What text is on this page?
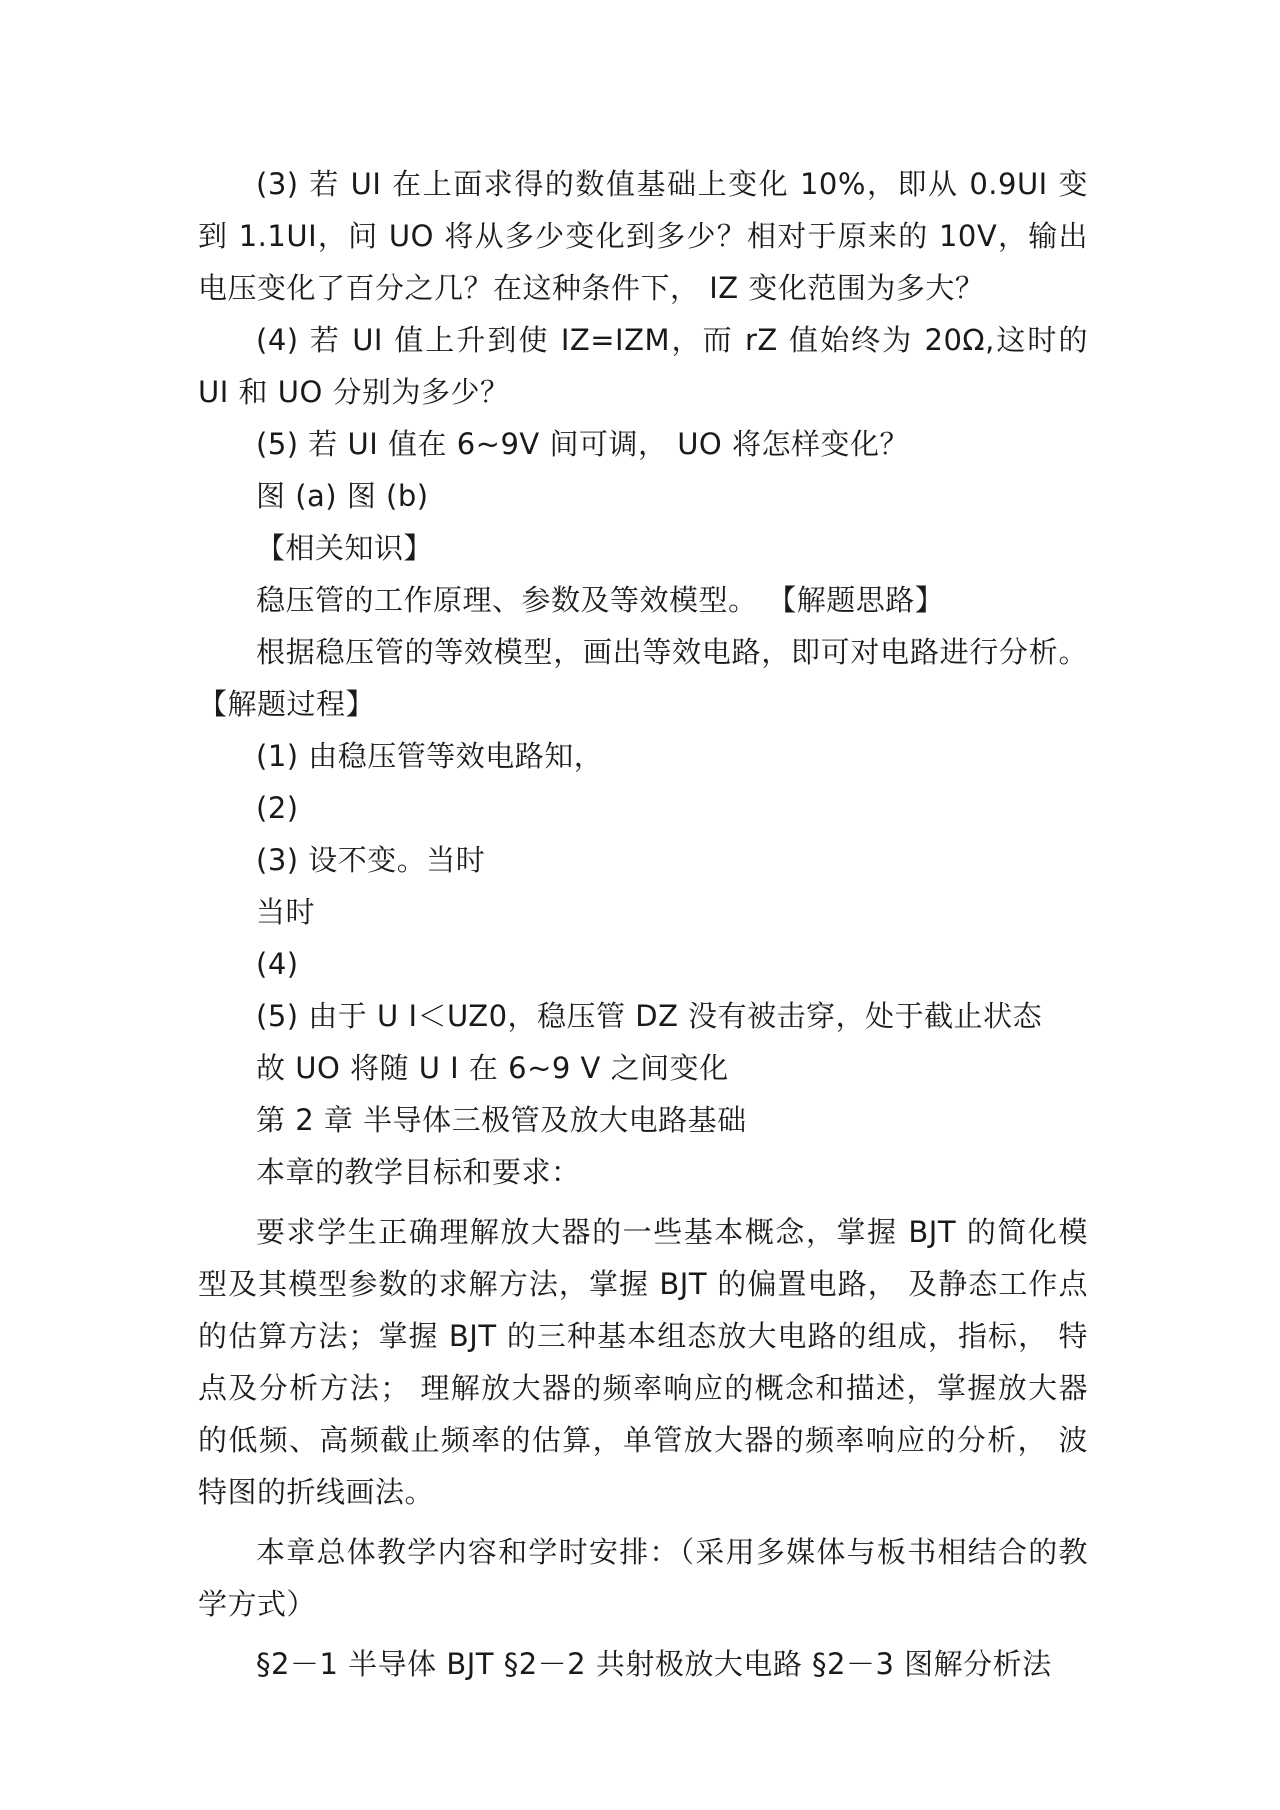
(3) 若 UI 在上面求得的数值基础上变化 10%，即从 0.9UI 变到 1.1UI，问 UO 将从多少变化到多少？相对于原来的 10V，输出电压变化了百分之几？在这种条件下， IZ 变化范围为多大？

(4) 若 UI 值上升到使 IZ=IZM，而 rZ 值始终为 20Ω,这时的 UI 和 UO 分别为多少？

(5) 若 UI 值在 6~9V 间可调， UO 将怎样变化？

图 (a) 图 (b)

【相关知识】

稳压管的工作原理、参数及等效模型。 【解题思路】

根据稳压管的等效模型，画出等效电路，即可对电路进行分析。【解题过程】

(1) 由稳压管等效电路知，

(2)

(3) 设不变。当时

当时

(4)

(5) 由于 U I＜UZ0，稳压管 DZ 没有被击穿，处于截止状态

故 UO 将随 U I 在 6~9 V 之间变化

第 2 章 半导体三极管及放大电路基础

本章的教学目标和要求：

要求学生正确理解放大器的一些基本概念，掌握 BJT 的简化模型及其模型参数的求解方法，掌握 BJT 的偏置电路， 及静态工作点的估算方法；掌握 BJT 的三种基本组态放大电路的组成，指标， 特点及分析方法； 理解放大器的频率响应的概念和描述，掌握放大器的低频、高频截止频率的估算，单管放大器的频率响应的分析， 波特图的折线画法。

本章总体教学内容和学时安排：（采用多媒体与板书相结合的教学方式）

§2－1 半导体 BJT §2－2 共射极放大电路 §2－3 图解分析法
